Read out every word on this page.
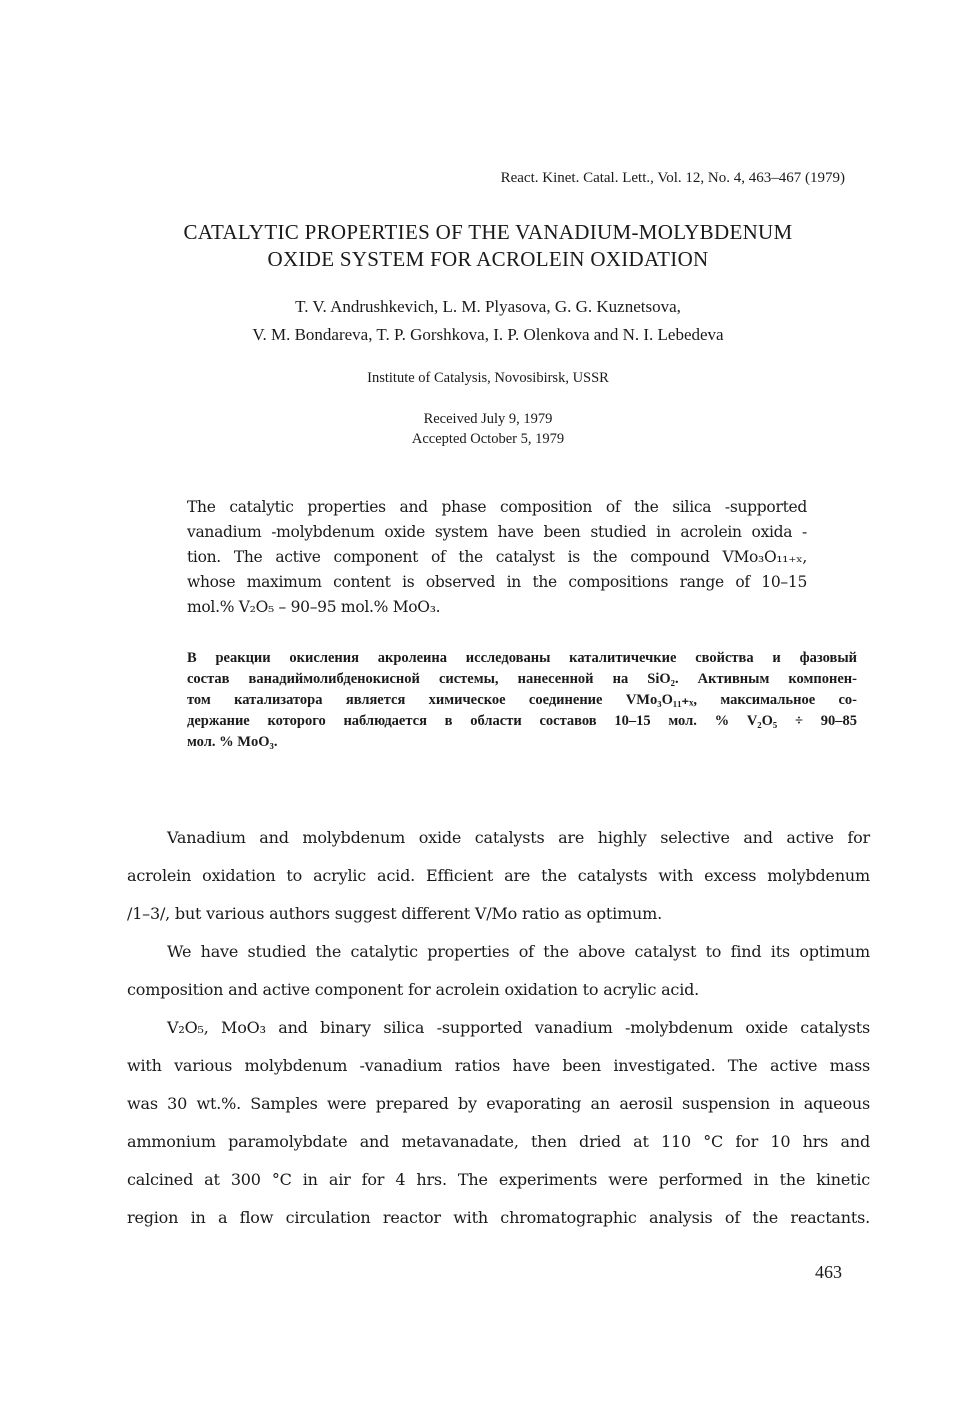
React. Kinet. Catal. Lett., Vol. 12, No. 4, 463–467 (1979)
CATALYTIC PROPERTIES OF THE VANADIUM-MOLYBDENUM
OXIDE SYSTEM FOR ACROLEIN OXIDATION
T. V. Andrushkevich, L. M. Plyasova, G. G. Kuznetsova,
V. M. Bondareva, T. P. Gorshkova, I. P. Olenkova and N. I. Lebedeva
Institute of Catalysis, Novosibirsk, USSR
Received July 9, 1979
Accepted October 5, 1979
The catalytic properties and phase composition of the silica -supported
vanadium -molybdenum oxide system have been studied in acrolein oxida -
tion. The active component of the catalyst is the compound VMo₃O₁₁₊ₓ,
whose maximum content is observed in the compositions range of 10–15
mol.% V₂O₅ – 90–95 mol.% MoO₃.
В реакции окисления акролеина исследованы каталитичечкие свойства и фазовый
состав ванадиймолибденокисной системы, нанесенной на SiO₂. Активным компонен-
том катализатора является химическое соединение VMo₃O₁₁₊ₓ, максимальное со-
держание которого наблюдается в области составов 10–15 мол. % V₂O₅ ÷ 90–85
мол. % MoO₃.
Vanadium and molybdenum oxide catalysts are highly selective and active for
acrolein oxidation to acrylic acid. Efficient are the catalysts with excess molybdenum
/1–3/, but various authors suggest different V/Mo ratio as optimum.
We have studied the catalytic properties of the above catalyst to find its optimum
composition and active component for acrolein oxidation to acrylic acid.
V₂O₅, MoO₃ and binary silica -supported vanadium -molybdenum oxide catalysts
with various molybdenum -vanadium ratios have been investigated. The active mass
was 30 wt.%. Samples were prepared by evaporating an aerosil suspension in aqueous
ammonium paramolybdate and metavanadate, then dried at 110 °C for 10 hrs and
calcined at 300 °C in air for 4 hrs. The experiments were performed in the kinetic
region in a flow circulation reactor with chromatographic analysis of the reactants.
463
